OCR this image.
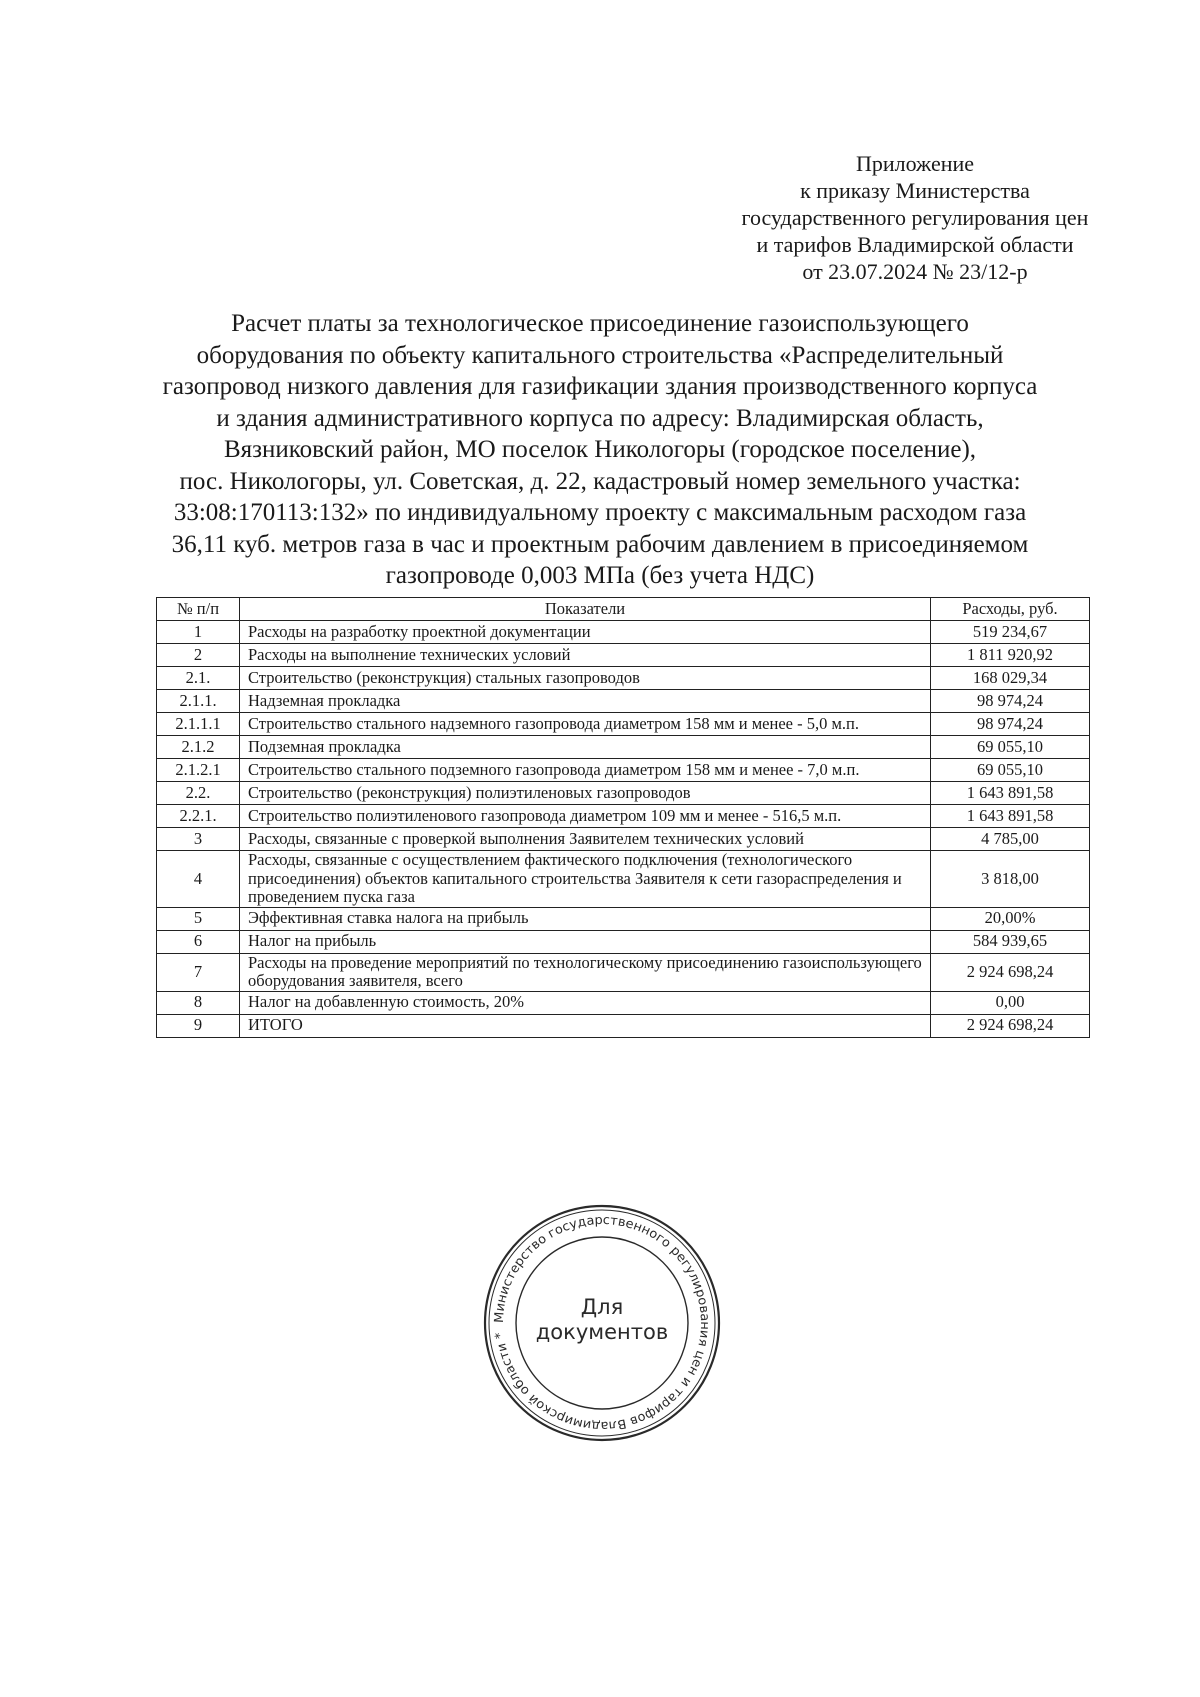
Приложение
к приказу Министерства
государственного регулирования цен
и тарифов Владимирской области
от 23.07.2024 № 23/12-р
Расчет платы за технологическое присоединение газоиспользующего
оборудования по объекту капитального строительства «Распределительный
газопровод низкого давления для газификации здания производственного корпуса
и здания административного корпуса по адресу: Владимирская область,
Вязниковский район, МО поселок Никологоры (городское поселение),
пос. Никологоры, ул. Советская, д. 22, кадастровый номер земельного участка:
33:08:170113:132» по индивидуальному проекту с максимальным расходом газа
36,11 куб. метров газа в час и проектным рабочим давлением в присоединяемом
газопроводе 0,003 МПа (без учета НДС)
№ п/п	Показатели	Расходы, руб.
1	Расходы на разработку проектной документации	519 234,67
2	Расходы на выполнение технических условий	1 811 920,92
2.1.	Строительство (реконструкция) стальных газопроводов	168 029,34
2.1.1.	Надземная прокладка	98 974,24
2.1.1.1	Строительство стального надземного газопровода диаметром 158 мм и менее - 5,0 м.п.	98 974,24
2.1.2	Подземная прокладка	69 055,10
2.1.2.1	Строительство стального подземного газопровода диаметром 158 мм и менее - 7,0 м.п.	69 055,10
2.2.	Строительство (реконструкция) полиэтиленовых газопроводов	1 643 891,58
2.2.1.	Строительство полиэтиленового газопровода диаметром 109 мм и менее - 516,5 м.п.	1 643 891,58
3	Расходы, связанные с проверкой выполнения Заявителем технических условий	4 785,00
4	Расходы, связанные с осуществлением фактического подключения (технологического присоединения) объектов капитального строительства Заявителя к сети газораспределения и проведением пуска газа	3 818,00
5	Эффективная ставка налога на прибыль	20,00%
6	Налог на прибыль	584 939,65
7	Расходы на проведение мероприятий по технологическому присоединению газоиспользующего оборудования заявителя, всего	2 924 698,24
8	Налог на добавленную стоимость, 20%	0,00
9	ИТОГО	2 924 698,24
Министерство государственного регулирования цен и тарифов Владимирской области *
Для
документов
